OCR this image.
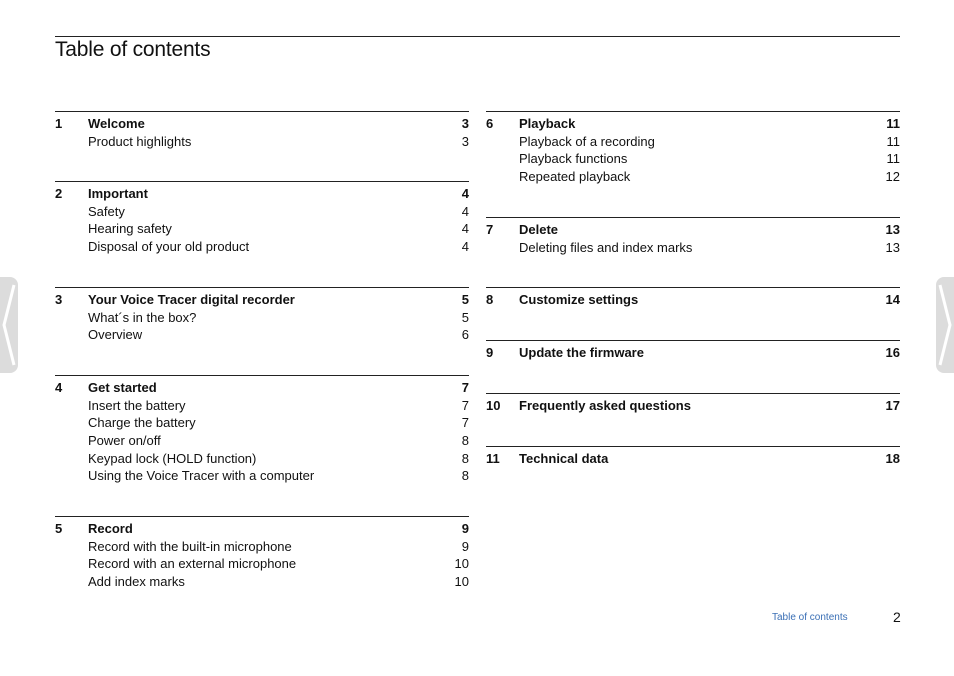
Table of contents
1	Welcome	3
Product highlights	3
2	Important	4
Safety	4
Hearing safety	4
Disposal of your old product	4
3	Your Voice Tracer digital recorder	5
What´s in the box?	5
Overview	6
4	Get started	7
Insert the battery	7
Charge the battery	7
Power on/off	8
Keypad lock (HOLD function)	8
Using the Voice Tracer with a computer	8
5	Record	9
Record with the built-in microphone	9
Record with an external microphone	10
Add index marks	10
6	Playback	11
Playback of a recording	11
Playback functions	11
Repeated playback	12
7	Delete	13
Deleting files and index marks	13
8	Customize settings	14
9	Update the firmware	16
10	Frequently asked questions	17
11	Technical data	18
Table of contents	2
